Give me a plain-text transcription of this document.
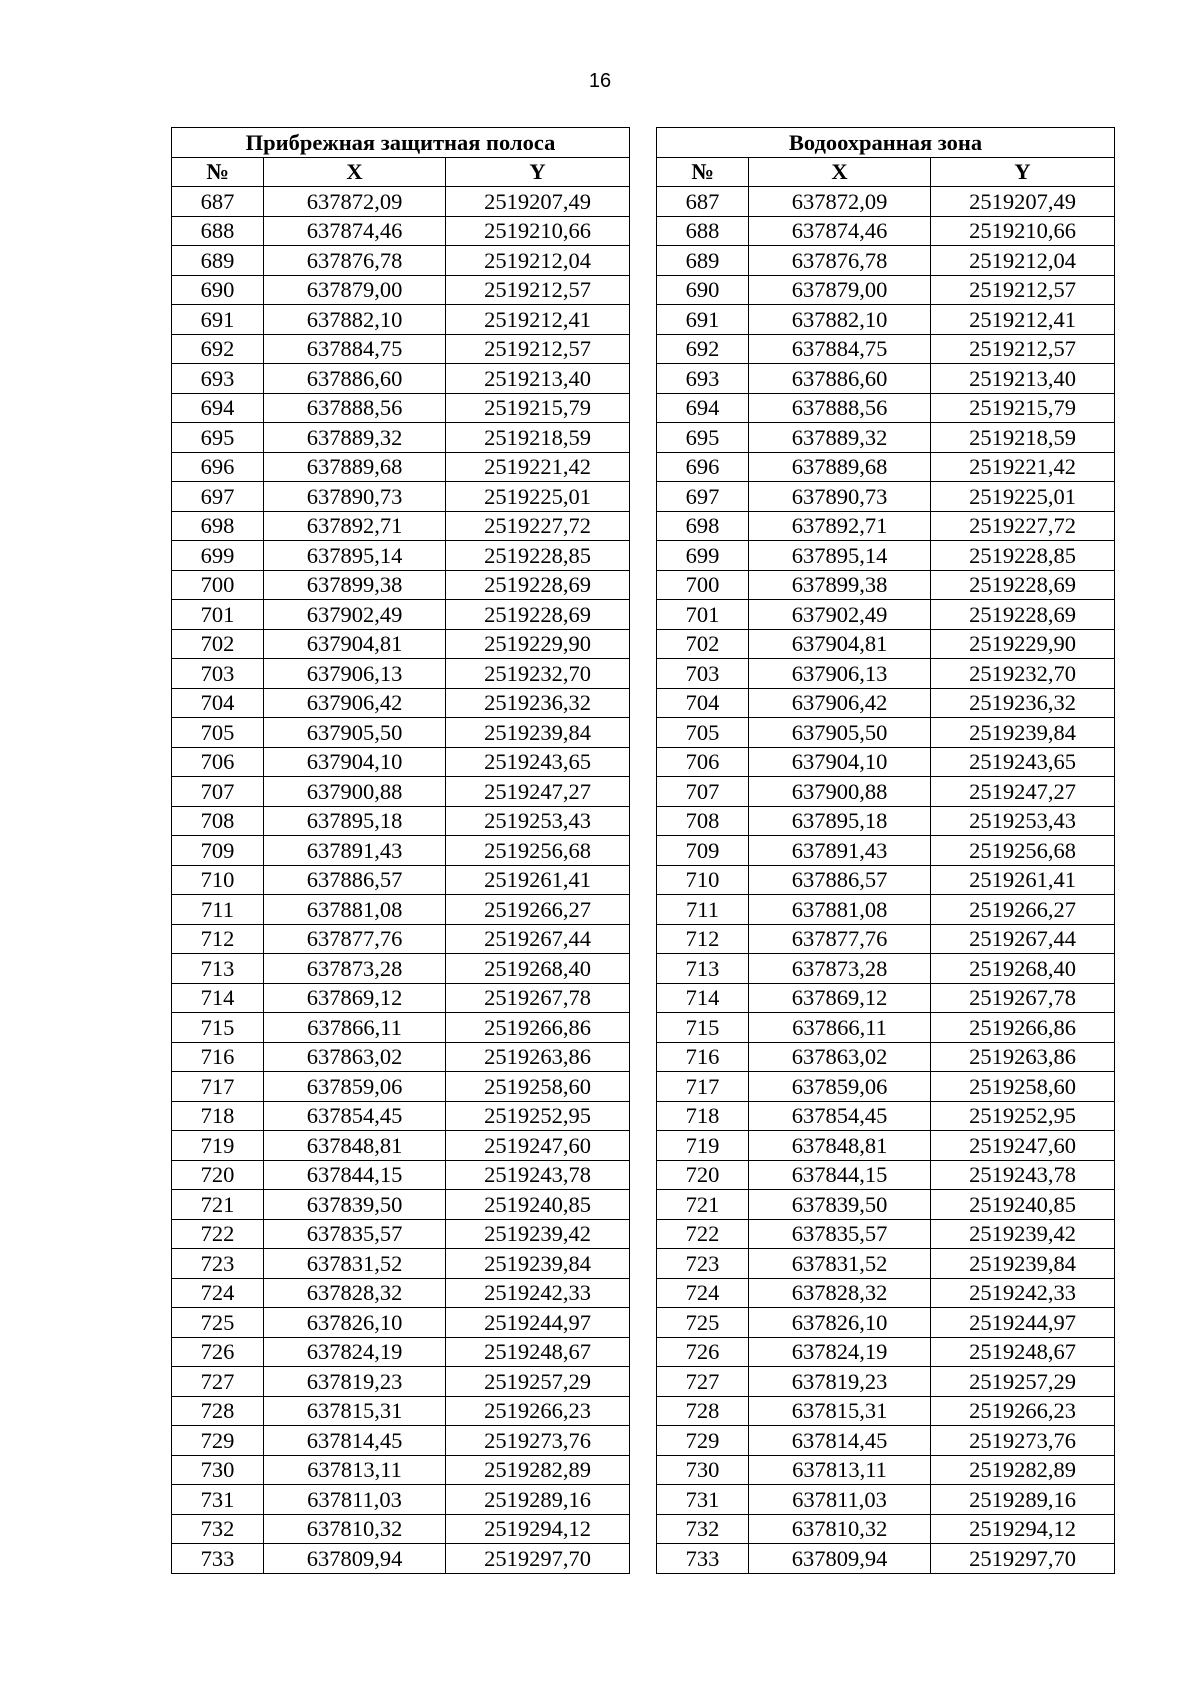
16
Прибрежная защитная полоса				Водоохранная зона		
№	X	Y		№	X	Y
687	637872,09	2519207,49		687	637872,09	2519207,49
688	637874,46	2519210,66		688	637874,46	2519210,66
689	637876,78	2519212,04		689	637876,78	2519212,04
690	637879,00	2519212,57		690	637879,00	2519212,57
691	637882,10	2519212,41		691	637882,10	2519212,41
692	637884,75	2519212,57		692	637884,75	2519212,57
693	637886,60	2519213,40		693	637886,60	2519213,40
694	637888,56	2519215,79		694	637888,56	2519215,79
695	637889,32	2519218,59		695	637889,32	2519218,59
696	637889,68	2519221,42		696	637889,68	2519221,42
697	637890,73	2519225,01		697	637890,73	2519225,01
698	637892,71	2519227,72		698	637892,71	2519227,72
699	637895,14	2519228,85		699	637895,14	2519228,85
700	637899,38	2519228,69		700	637899,38	2519228,69
701	637902,49	2519228,69		701	637902,49	2519228,69
702	637904,81	2519229,90		702	637904,81	2519229,90
703	637906,13	2519232,70		703	637906,13	2519232,70
704	637906,42	2519236,32		704	637906,42	2519236,32
705	637905,50	2519239,84		705	637905,50	2519239,84
706	637904,10	2519243,65		706	637904,10	2519243,65
707	637900,88	2519247,27		707	637900,88	2519247,27
708	637895,18	2519253,43		708	637895,18	2519253,43
709	637891,43	2519256,68		709	637891,43	2519256,68
710	637886,57	2519261,41		710	637886,57	2519261,41
711	637881,08	2519266,27		711	637881,08	2519266,27
712	637877,76	2519267,44		712	637877,76	2519267,44
713	637873,28	2519268,40		713	637873,28	2519268,40
714	637869,12	2519267,78		714	637869,12	2519267,78
715	637866,11	2519266,86		715	637866,11	2519266,86
716	637863,02	2519263,86		716	637863,02	2519263,86
717	637859,06	2519258,60		717	637859,06	2519258,60
718	637854,45	2519252,95		718	637854,45	2519252,95
719	637848,81	2519247,60		719	637848,81	2519247,60
720	637844,15	2519243,78		720	637844,15	2519243,78
721	637839,50	2519240,85		721	637839,50	2519240,85
722	637835,57	2519239,42		722	637835,57	2519239,42
723	637831,52	2519239,84		723	637831,52	2519239,84
724	637828,32	2519242,33		724	637828,32	2519242,33
725	637826,10	2519244,97		725	637826,10	2519244,97
726	637824,19	2519248,67		726	637824,19	2519248,67
727	637819,23	2519257,29		727	637819,23	2519257,29
728	637815,31	2519266,23		728	637815,31	2519266,23
729	637814,45	2519273,76		729	637814,45	2519273,76
730	637813,11	2519282,89		730	637813,11	2519282,89
731	637811,03	2519289,16		731	637811,03	2519289,16
732	637810,32	2519294,12		732	637810,32	2519294,12
733	637809,94	2519297,70		733	637809,94	2519297,70
